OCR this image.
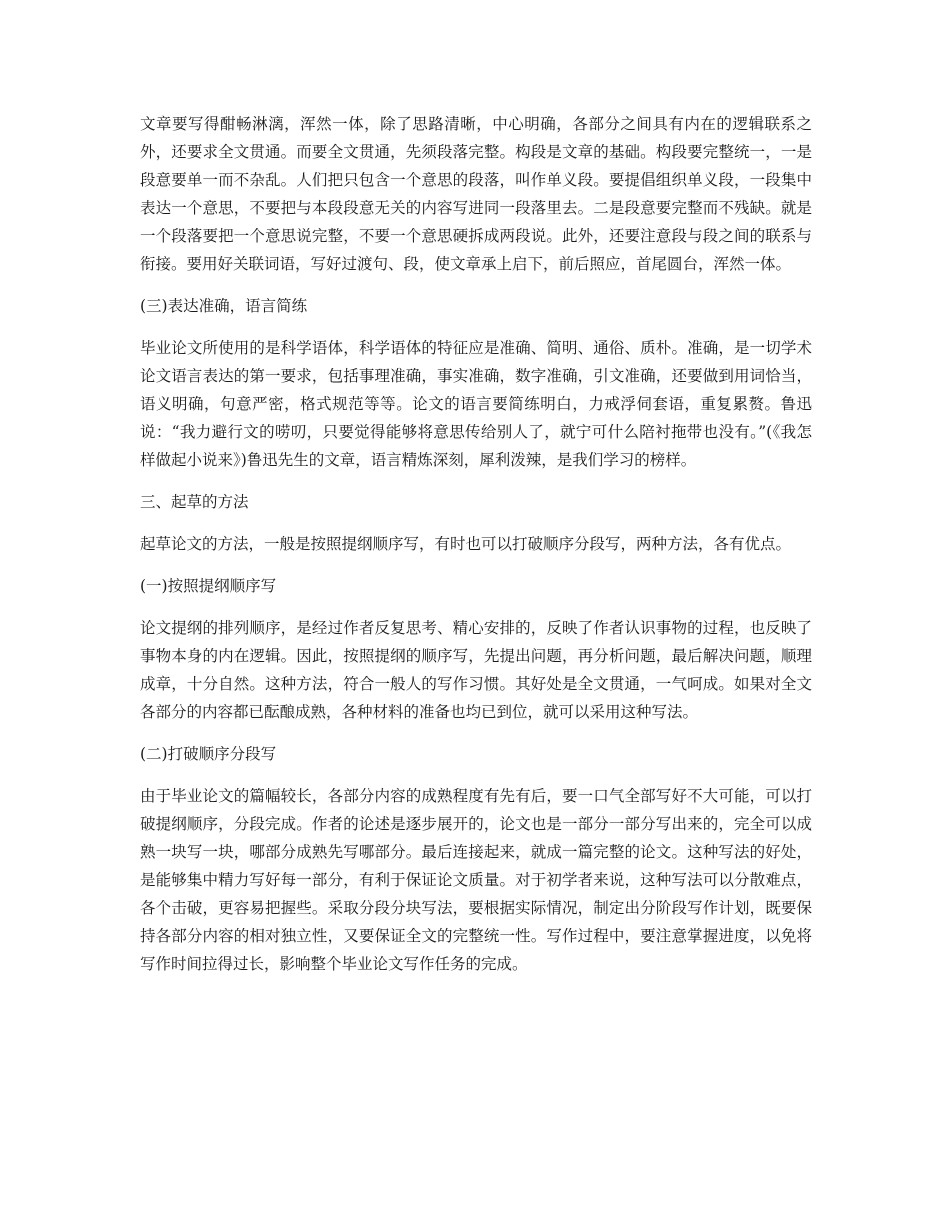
文章要写得酣畅淋漓，浑然一体，除了思路清晰，中心明确，各部分之间具有内在的逻辑联系之外，还要求全文贯通。而要全文贯通，先须段落完整。构段是文章的基础。构段要完整统一，一是段意要单一而不杂乱。人们把只包含一个意思的段落，叫作单义段。要提倡组织单义段，一段集中表达一个意思，不要把与本段段意无关的内容写进同一段落里去。二是段意要完整而不残缺。就是一个段落要把一个意思说完整，不要一个意思硬拆成两段说。此外，还要注意段与段之间的联系与衔接。要用好关联词语，写好过渡句、段，使文章承上启下，前后照应，首尾圆台，浑然一体。

(三)表达准确，语言简练

毕业论文所使用的是科学语体，科学语体的特征应是准确、简明、通俗、质朴。准确，是一切学术论文语言表达的第一要求，包括事理准确，事实准确，数字准确，引文准确，还要做到用词恰当，语义明确，句意严密，格式规范等等。论文的语言要简练明白，力戒浮伺套语，重复累赘。鲁迅说：“我力避行文的唠叨，只要觉得能够将意思传给别人了，就宁可什么陪衬拖带也没有。”(《我怎样做起小说来》)鲁迅先生的文章，语言精炼深刻，犀利泼辣，是我们学习的榜样。

三、起草的方法

起草论文的方法，一般是按照提纲顺序写，有时也可以打破顺序分段写，两种方法，各有优点。

(一)按照提纲顺序写

论文提纲的排列顺序，是经过作者反复思考、精心安排的，反映了作者认识事物的过程，也反映了事物本身的内在逻辑。因此，按照提纲的顺序写，先提出问题，再分析问题，最后解决问题，顺理成章，十分自然。这种方法，符合一般人的写作习惯。其好处是全文贯通，一气呵成。如果对全文各部分的内容都已酝酿成熟，各种材料的准备也均已到位，就可以采用这种写法。

(二)打破顺序分段写

由于毕业论文的篇幅较长，各部分内容的成熟程度有先有后，要一口气全部写好不大可能，可以打破提纲顺序，分段完成。作者的论述是逐步展开的，论文也是一部分一部分写出来的，完全可以成熟一块写一块，哪部分成熟先写哪部分。最后连接起来，就成一篇完整的论文。这种写法的好处，是能够集中精力写好每一部分，有利于保证论文质量。对于初学者来说，这种写法可以分散难点，各个击破，更容易把握些。采取分段分块写法，要根据实际情况，制定出分阶段写作计划，既要保持各部分内容的相对独立性，又要保证全文的完整统一性。写作过程中，要注意掌握进度，以免将写作时间拉得过长，影响整个毕业论文写作任务的完成。
